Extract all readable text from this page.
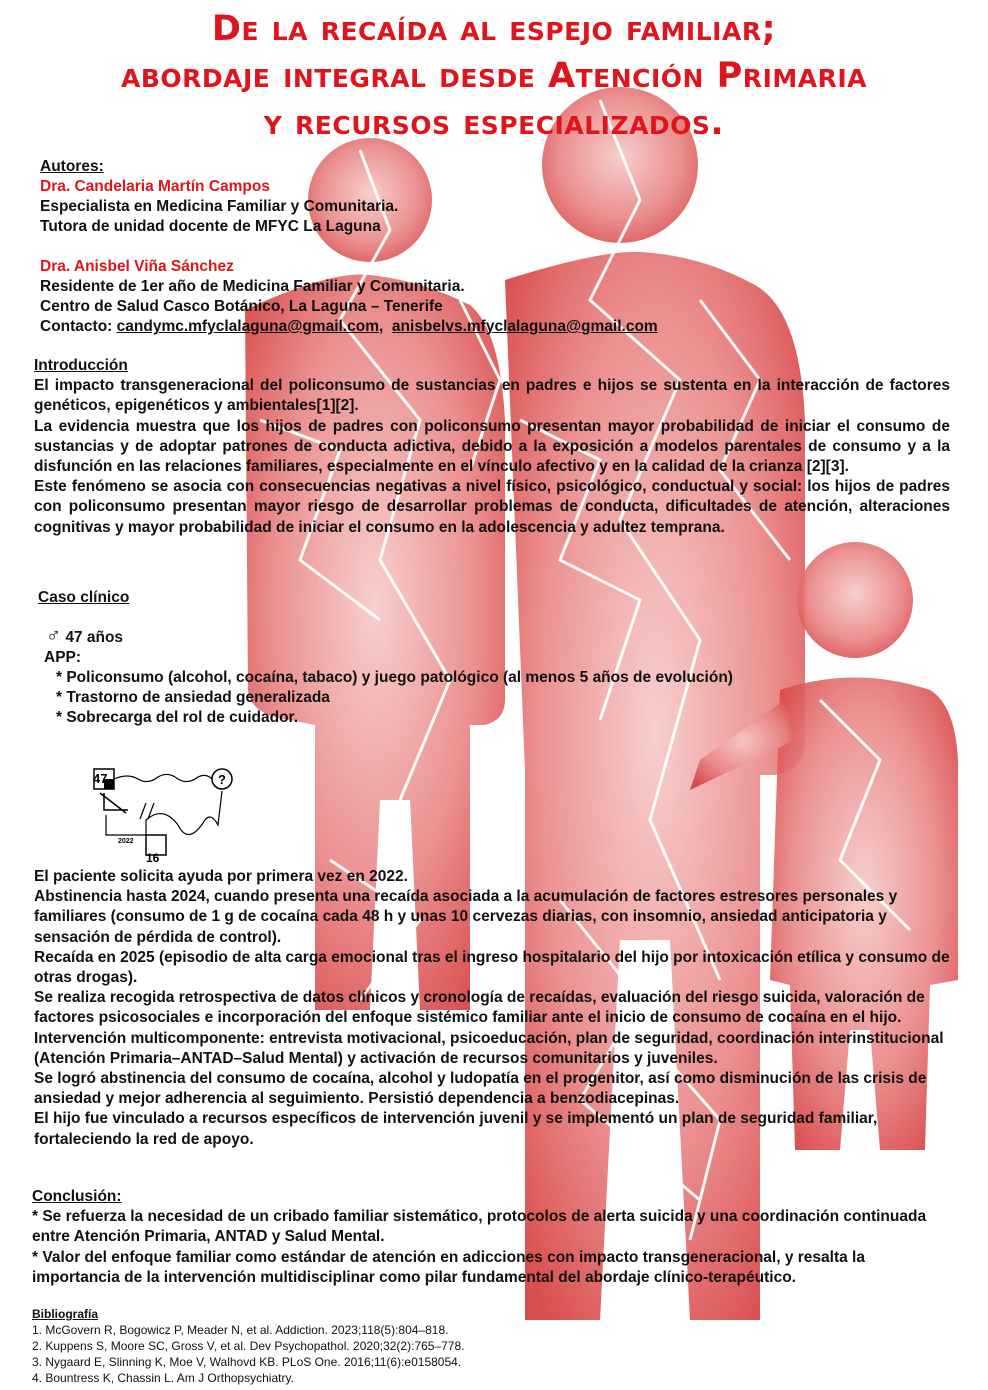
De la recaída al espejo familiar;
abordaje integral desde Atención Primaria
y recursos especializados.
Autores:
Dra. Candelaria Martín Campos
Especialista en Medicina Familiar y Comunitaria.
Tutora de unidad docente de MFYC La Laguna
Dra. Anisbel Viña Sánchez
Residente de 1er año de Medicina Familiar y Comunitaria.
Centro de Salud Casco Botánico, La Laguna – Tenerife
Contacto: candymc.mfyclalaguna@gmail.com, anisbelvs.mfyclalaguna@gmail.com
Introducción

El impacto transgeneracional del policonsumo de sustancias en padres e hijos se sustenta en la interacción de factores genéticos, epigenéticos y ambientales[1][2].

La evidencia muestra que los hijos de padres con policonsumo presentan mayor probabilidad de iniciar el consumo de sustancias y de adoptar patrones de conducta adictiva, debido a la exposición a modelos parentales de consumo y a la disfunción en las relaciones familiares, especialmente en el vínculo afectivo y en la calidad de la crianza [2][3].

Este fenómeno se asocia con consecuencias negativas a nivel físico, psicológico, conductual y social: los hijos de padres con policonsumo presentan mayor riesgo de desarrollar problemas de conducta, dificultades de atención, alteraciones cognitivas y mayor probabilidad de iniciar el consumo en la adolescencia y adultez temprana.

Caso clínico
♂ 47 años
APP:
* Policonsumo (alcohol, cocaína, tabaco) y juego patológico (al menos 5 años de evolución)
* Trastorno de ansiedad generalizada
* Sobrecarga del rol de cuidador.
47	?
2022
16

El paciente solicita ayuda por primera vez en 2022.

Abstinencia hasta 2024, cuando presenta una recaída asociada a la acumulación de factores estresores personales y familiares (consumo de 1 g de cocaína cada 48 h y unas 10 cervezas diarias, con insomnio, ansiedad anticipatoria y sensación de pérdida de control).

Recaída en 2025 (episodio de alta carga emocional tras el ingreso hospitalario del hijo por intoxicación etílica y consumo de otras drogas).

Se realiza recogida retrospectiva de datos clínicos y cronología de recaídas, evaluación del riesgo suicida, valoración de factores psicosociales e incorporación del enfoque sistémico familiar ante el inicio de consumo de cocaína en el hijo.

Intervención multicomponente: entrevista motivacional, psicoeducación, plan de seguridad, coordinación interinstitucional (Atención Primaria–ANTAD–Salud Mental) y activación de recursos comunitarios y juveniles.

Se logró abstinencia del consumo de cocaína, alcohol y ludopatía en el progenitor, así como disminución de las crisis de ansiedad y mejor adherencia al seguimiento. Persistió dependencia a benzodiacepinas.

El hijo fue vinculado a recursos específicos de intervención juvenil y se implementó un plan de seguridad familiar, fortaleciendo la red de apoyo.

Conclusión:

* Se refuerza la necesidad de un cribado familiar sistemático, protocolos de alerta suicida y una coordinación continuada entre Atención Primaria, ANTAD y Salud Mental.

* Valor del enfoque familiar como estándar de atención en adicciones con impacto transgeneracional, y resalta la importancia de la intervención multidisciplinar como pilar fundamental del abordaje clínico-terapéutico.

Bibliografía
1. McGovern R, Bogowicz P, Meader N, et al. Addiction. 2023;118(5):804–818.
2. Kuppens S, Moore SC, Gross V, et al. Dev Psychopathol. 2020;32(2):765–778.
3. Nygaard E, Slinning K, Moe V, Walhovd KB. PLoS One. 2016;11(6):e0158054.
4. Bountress K, Chassin L. Am J Orthopsychiatry.
